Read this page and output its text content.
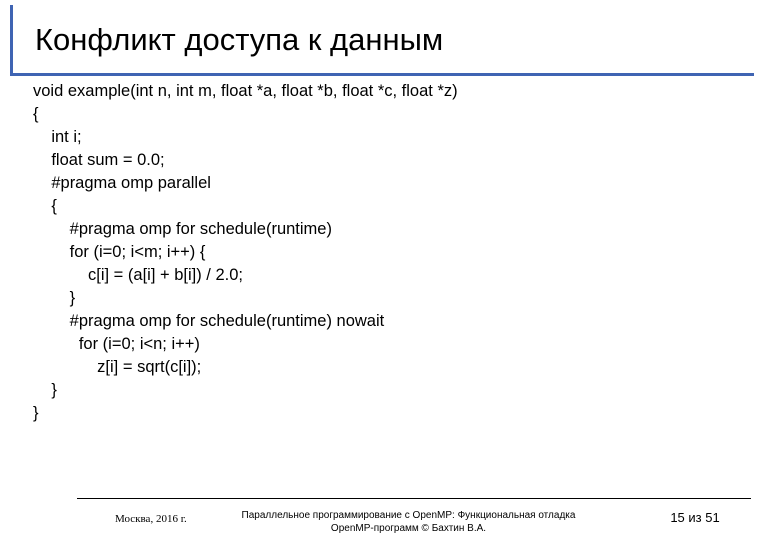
Конфликт доступа к данным
void example(int n, int m, float *a, float *b, float *c, float *z)
{
int i;
float sum = 0.0;
#pragma omp parallel
{
#pragma omp for schedule(runtime)
for (i=0; i<m; i++) {
c[i] = (a[i] + b[i]) / 2.0;
}
#pragma omp for schedule(runtime) nowait
for (i=0; i<n; i++)
z[i] = sqrt(c[i]);
}
}
Москва, 2016 г.	Параллельное программирование с OpenMP: Функциональная отладка OpenMP-программ © Бахтин В.А.
15 из 51
